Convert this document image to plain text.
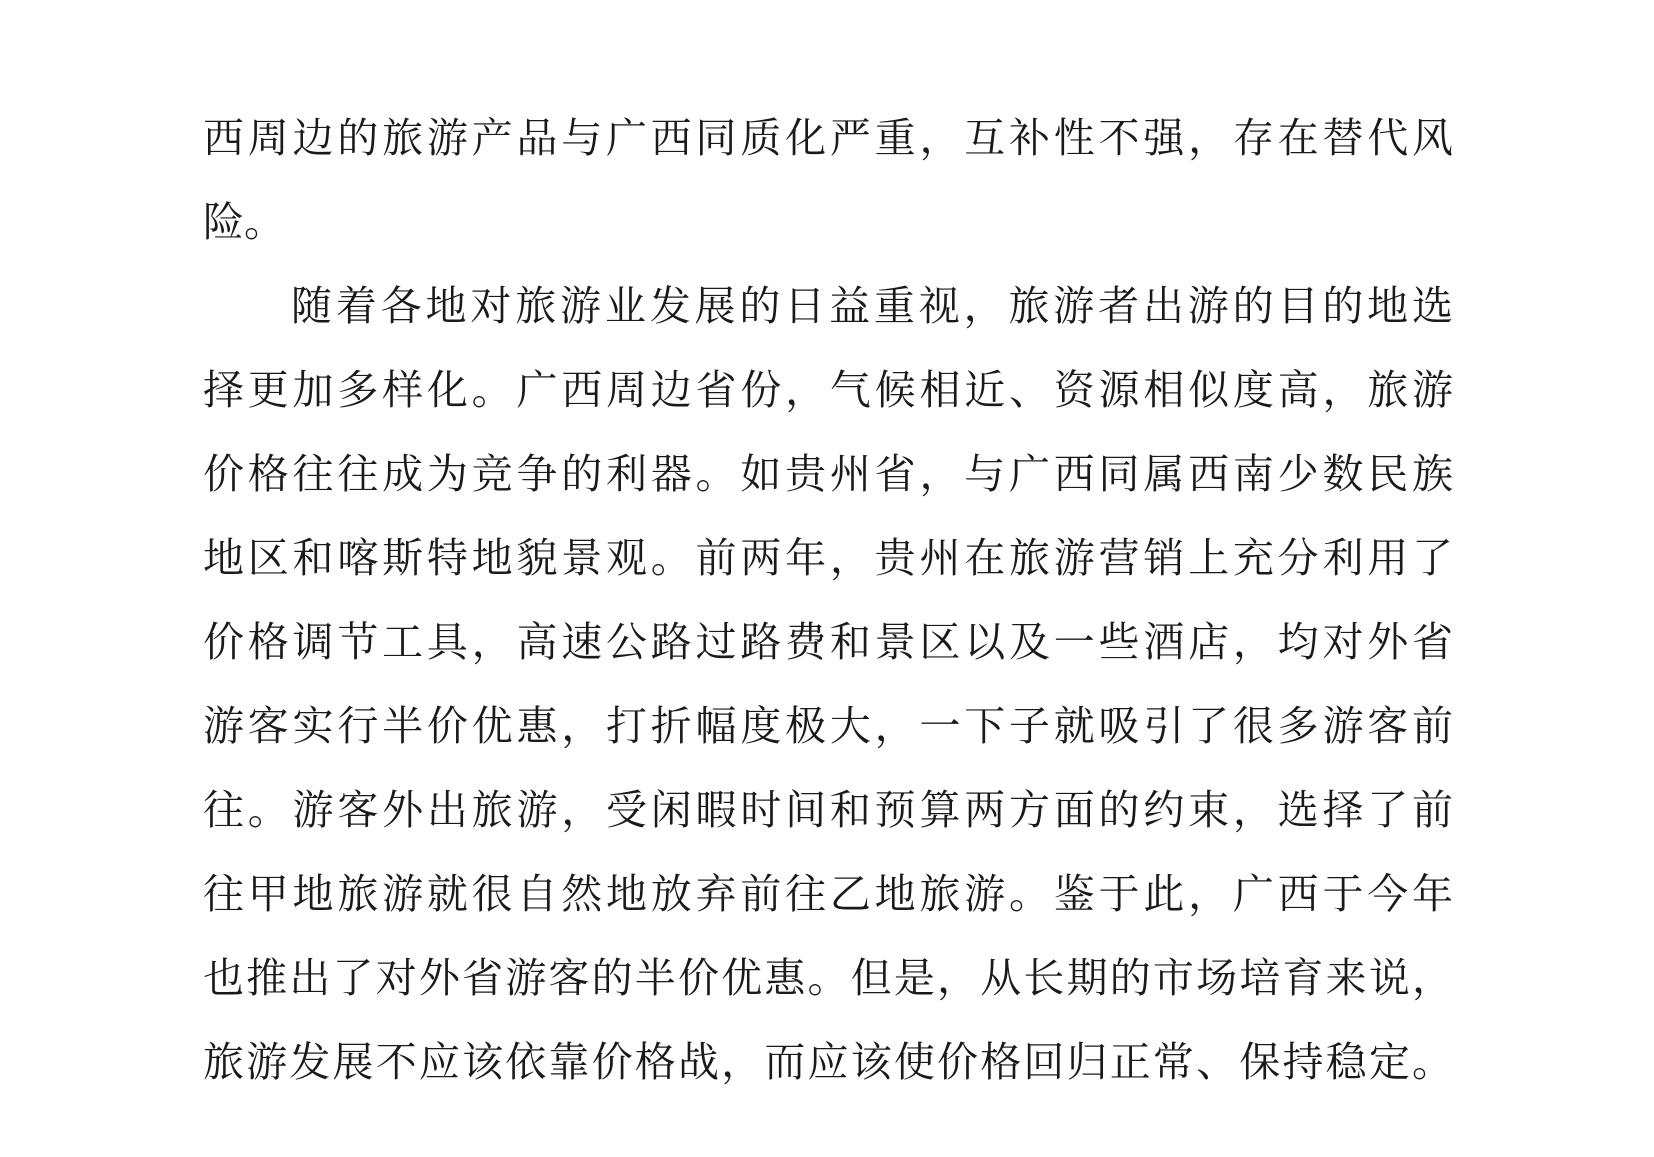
西周边的旅游产品与广西同质化严重，互补性不强，存在替代风
险。
随着各地对旅游业发展的日益重视，旅游者出游的目的地选
择更加多样化。广西周边省份，气候相近、资源相似度高，旅游
价格往往成为竞争的利器。如贵州省，与广西同属西南少数民族
地区和喀斯特地貌景观。前两年，贵州在旅游营销上充分利用了
价格调节工具，高速公路过路费和景区以及一些酒店，均对外省
游客实行半价优惠，打折幅度极大，一下子就吸引了很多游客前
往。游客外出旅游，受闲暇时间和预算两方面的约束，选择了前
往甲地旅游就很自然地放弃前往乙地旅游。鉴于此，广西于今年
也推出了对外省游客的半价优惠。但是，从长期的市场培育来说，
旅游发展不应该依靠价格战，而应该使价格回归正常、保持稳定。
